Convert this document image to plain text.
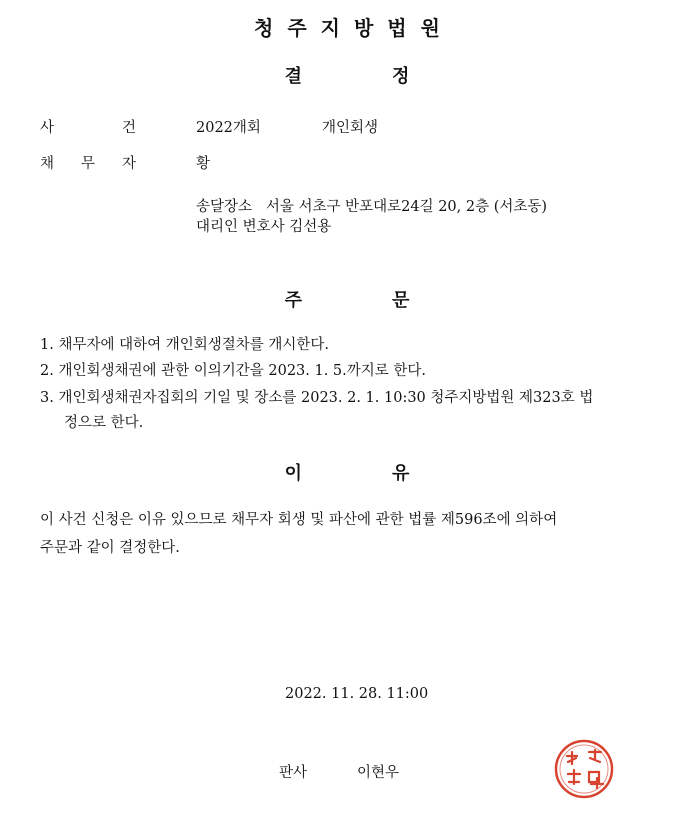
청주지방법원
결	정
사	건	2022개회	개인회생
채 무 자	황
송달장소   서울 서초구 반포대로24길 20, 2층 (서초동)
대리인 변호사 김선용
주	문
1. 채무자에 대하여 개인회생절차를 개시한다.
2. 개인회생채권에 관한 이의기간을 2023. 1. 5.까지로 한다.
3. 개인회생채권자집회의 기일 및 장소를 2023. 2. 1. 10:30 청주지방법원 제323호 법
정으로 한다.
이	유
이 사건 신청은 이유 있으므로 채무자 회생 및 파산에 관한 법률 제596조에 의하여
주문과 같이 결정한다.
2022. 11. 28. 11:00
판사	이현우
